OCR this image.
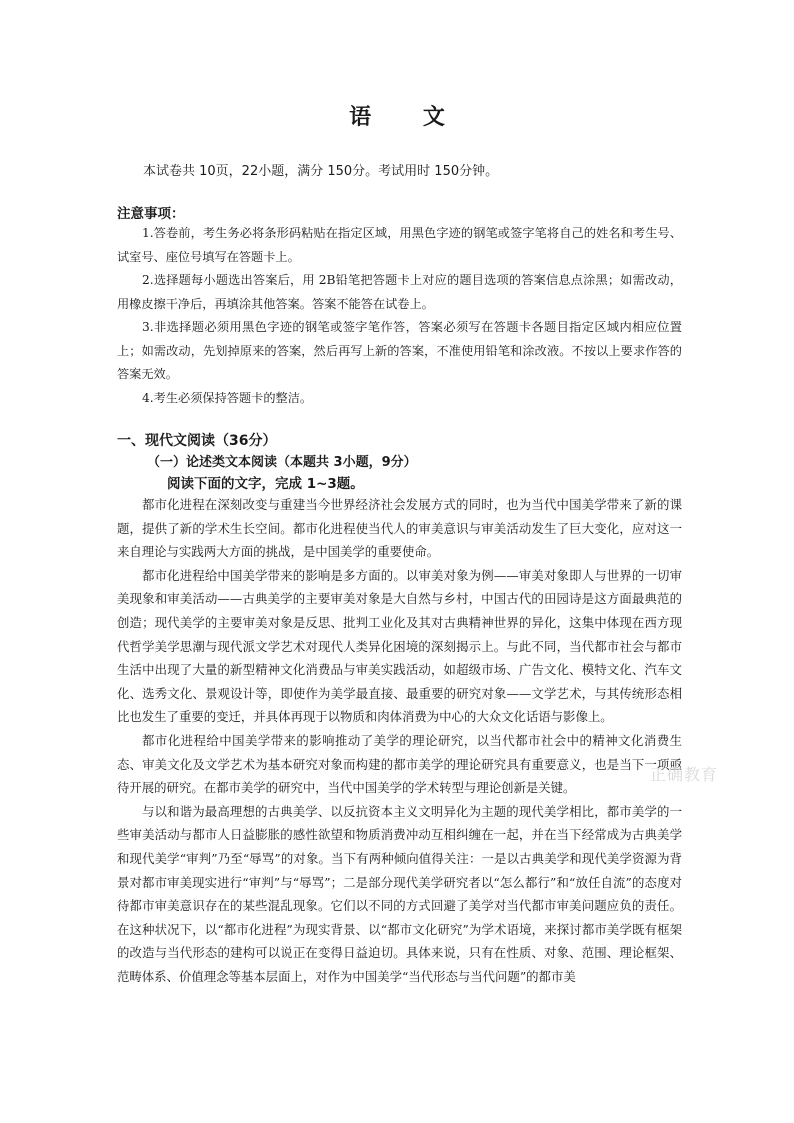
语 文
本试卷共 10页，22小题，满分 150分。考试用时 150分钟。
注意事项：

1.答卷前，考生务必将条形码粘贴在指定区域，用黑色字迹的钢笔或签字笔将自己的姓名和考生号、试室号、座位号填写在答题卡上。

2.选择题每小题选出答案后，用 2B铅笔把答题卡上对应的题目选项的答案信息点涂黑；如需改动，用橡皮擦干净后，再填涂其他答案。答案不能答在试卷上。

3.非选择题必须用黑色字迹的钢笔或签字笔作答，答案必须写在答题卡各题目指定区域内相应位置上；如需改动，先划掉原来的答案，然后再写上新的答案，不准使用铅笔和涂改液。不按以上要求作答的答案无效。

4.考生必须保持答题卡的整洁。

一、现代文阅读（36分）
（一）论述类文本阅读（本题共 3小题，9分）
阅读下面的文字，完成 1~3题。

都市化进程在深刻改变与重建当今世界经济社会发展方式的同时，也为当代中国美学带来了新的课题，提供了新的学术生长空间。都市化进程使当代人的审美意识与审美活动发生了巨大变化，应对这一来自理论与实践两大方面的挑战，是中国美学的重要使命。

都市化进程给中国美学带来的影响是多方面的。以审美对象为例——审美对象即人与世界的一切审美现象和审美活动——古典美学的主要审美对象是大自然与乡村，中国古代的田园诗是这方面最典范的创造；现代美学的主要审美对象是反思、批判工业化及其对古典精神世界的异化，这集中体现在西方现代哲学美学思潮与现代派文学艺术对现代人类异化困境的深刻揭示上。与此不同，当代都市社会与都市生活中出现了大量的新型精神文化消费品与审美实践活动，如超级市场、广告文化、模特文化、汽车文化、选秀文化、景观设计等，即使作为美学最直接、最重要的研究对象——文学艺术，与其传统形态相比也发生了重要的变迁，并具体再现于以物质和肉体消费为中心的大众文化话语与影像上。

都市化进程给中国美学带来的影响推动了美学的理论研究，以当代都市社会中的精神文化消费生态、审美文化及文学艺术为基本研究对象而构建的都市美学的理论研究具有重要意义，也是当下一项亟待开展的研究。在都市美学的研究中，当代中国美学的学术转型与理论创新是关键。

与以和谐为最高理想的古典美学、以反抗资本主义文明异化为主题的现代美学相比，都市美学的一些审美活动与都市人日益膨胀的感性欲望和物质消费冲动互相纠缠在一起，并在当下经常成为古典美学和现代美学“审判”乃至“辱骂”的对象。当下有两种倾向值得关注：一是以古典美学和现代美学资源为背景对都市审美现实进行“审判”与“辱骂”；二是部分现代美学研究者以“怎么都行”和“放任自流”的态度对待都市审美意识存在的某些混乱现象。它们以不同的方式回避了美学对当代都市审美问题应负的责任。在这种状况下，以“都市化进程”为现实背景、以“都市文化研究”为学术语境，来探讨都市美学既有框架的改造与当代形态的建构可以说正在变得日益迫切。具体来说，只有在性质、对象、范围、理论框架、范畴体系、价值理念等基本层面上，对作为中国美学“当代形态与当代问题”的都市美

正确教育
